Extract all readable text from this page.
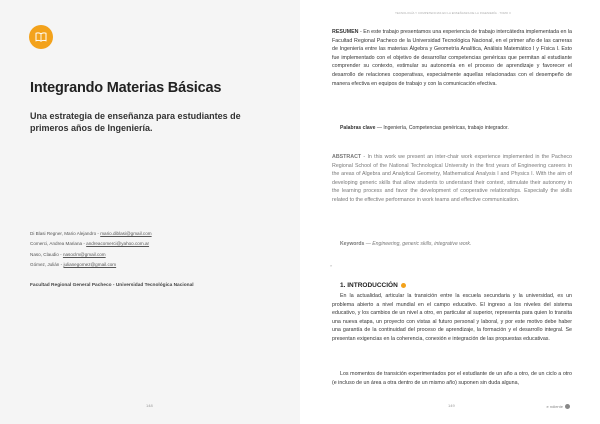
Integrando Materias Básicas
Una estrategia de enseñanza para estudiantes de primeros años de Ingeniería.
Di Blasi Regner, Mario Alejandro - mario.diblasi@gmail.com
Comerci, Andrea Mariana - andreacomerci@yahoo.com.ar
Naso, Claudio - nasoclm@gmail.com
Gómez, Julián - julianegomez@gmail.com
Facultad Regional General Pacheco - Universidad Tecnológica Nacional
148
TECNOLOGÍA Y COMPETENCIAS EN LA ENSEÑANZA DE LA INGENIERÍA · TOMO II
RESUMEN - En este trabajo presentamos una experiencia de trabajo intercátedra implementada en la Facultad Regional Pacheco de la Universidad Tecnológica Nacional, en el primer año de las carreras de Ingeniería entre las materias Álgebra y Geometría Analítica, Análisis Matemático I y Física I. Esto fue implementado con el objetivo de desarrollar competencias genéricas que permitan al estudiante comprender su contexto, estimular su autonomía en el proceso de aprendizaje y favorecer el desarrollo de relaciones cooperativas, especialmente aquellas relacionadas con el desempeño de manera efectiva en equipos de trabajo y con la comunicación efectiva.
Palabras clave — Ingeniería, Competencias genéricas, trabajo integrador.
ABSTRACT - In this work we present an inter-chair work experience implemented in the Pacheco Regional School of the National Technological University in the first years of Engineering careers in the areas of Algebra and Analytical Geometry, Mathematical Analysis I and Physics I. With the aim of developing generic skills that allow students to understand their context, stimulate their autonomy in the learning process and favor the development of cooperative relationships. Especially the skills related to the effective performance in work teams and effective communication.
Keywords — Engineering, generic skills, integrative work.
»
1. INTRODUCCIÓN
En la actualidad, articular la transición entre la escuela secundaria y la universidad, es un problema abierto a nivel mundial en el campo educativo. El ingreso a los niveles del sistema educativo, y los cambios de un nivel a otro, en particular al superior, representa para quien lo transita una nueva etapa, un proyecto con vistas al futuro personal y laboral, y por este motivo debe haber una garantía de la continuidad del proceso de aprendizaje, la formación y el desarrollo integral. Se presentan exigencias en la coherencia, conexión e integración de las propuestas educativas.
Los momentos de transición experimentados por el estudiante de un año a otro, de un ciclo a otro (e incluso de un área a otra dentro de un mismo año) suponen sin duda alguna,
149	e ndiente
